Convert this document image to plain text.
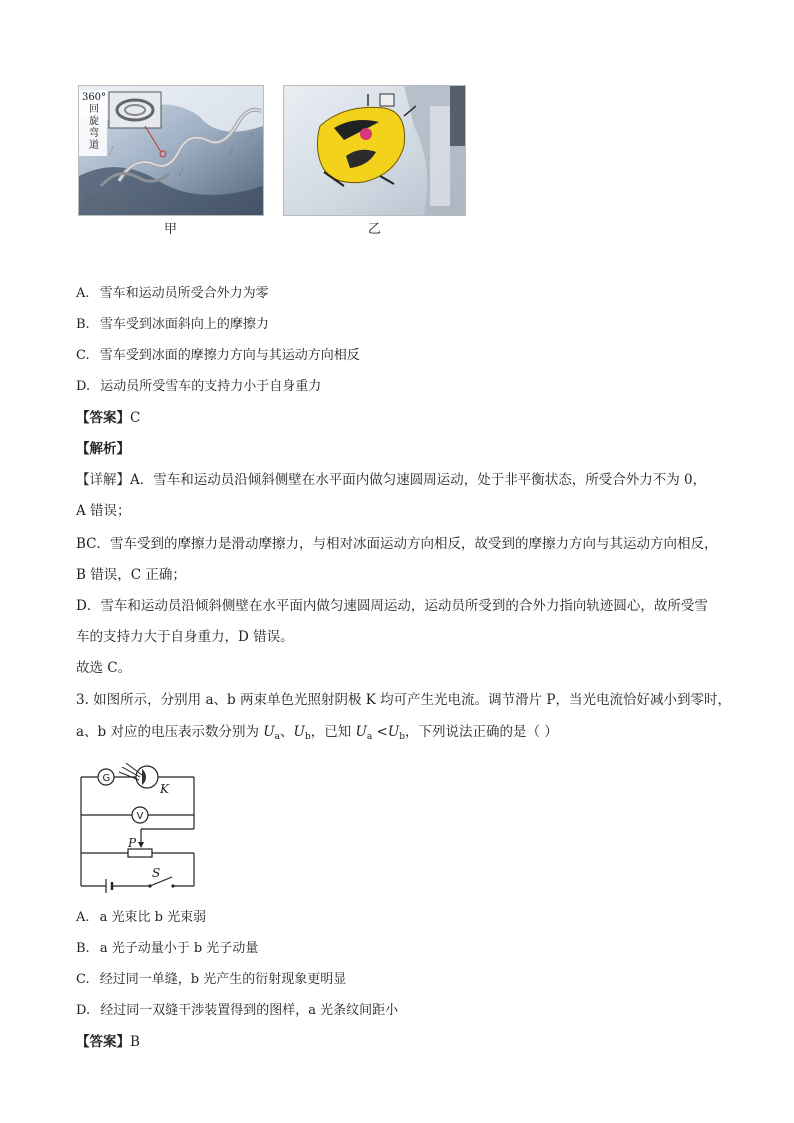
360°
回
旋
弯
道
甲	乙
A. 雪车和运动员所受合外力为零
B. 雪车受到冰面斜向上的摩擦力
C. 雪车受到冰面的摩擦力方向与其运动方向相反
D. 运动员所受雪车的支持力小于自身重力
【答案】C
【解析】
【详解】A．雪车和运动员沿倾斜侧壁在水平面内做匀速圆周运动，处于非平衡状态，所受合外力不为 0，
A 错误；
BC．雪车受到的摩擦力是滑动摩擦力，与相对冰面运动方向相反，故受到的摩擦力方向与其运动方向相反，
B 错误，C 正确；
D．雪车和运动员沿倾斜侧壁在水平面内做匀速圆周运动，运动员所受到的合外力指向轨迹圆心，故所受雪
车的支持力大于自身重力，D 错误。
故选 C。
3. 如图所示，分别用 a、b 两束单色光照射阴极 K 均可产生光电流。调节滑片 P，当光电流恰好减小到零时，
a、b 对应的电压表示数分别为 $U_a$、$U_b$，已知 $U_a <U_b$，下列说法正确的是（ ）
G
V
K
P
S
A. a 光束比 b 光束弱
B. a 光子动量小于 b 光子动量
C. 经过同一单缝，b 光产生的衍射现象更明显
D. 经过同一双缝干涉装置得到的图样，a 光条纹间距小
【答案】B
